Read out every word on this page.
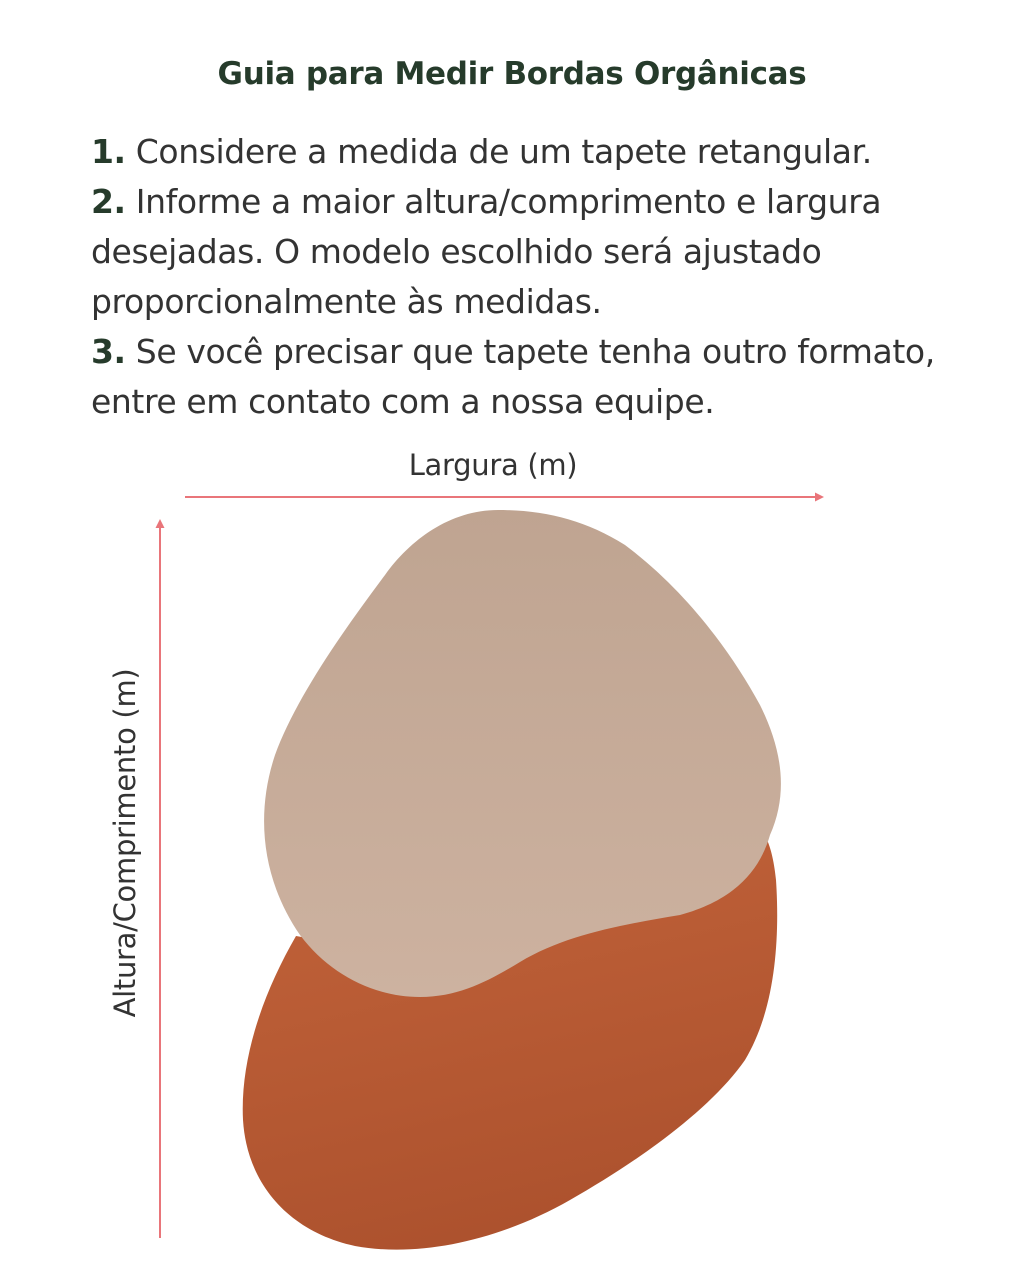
Guia para Medir Bordas Orgânicas

1. Considere a medida de um tapete retangular.

2. Informe a maior altura/comprimento e largura desejadas. O modelo escolhido será ajustado proporcionalmente às medidas.

3. Se você precisar que tapete tenha outro formato, entre em contato com a nossa equipe.

Largura (m)
Altura/Comprimento (m)
